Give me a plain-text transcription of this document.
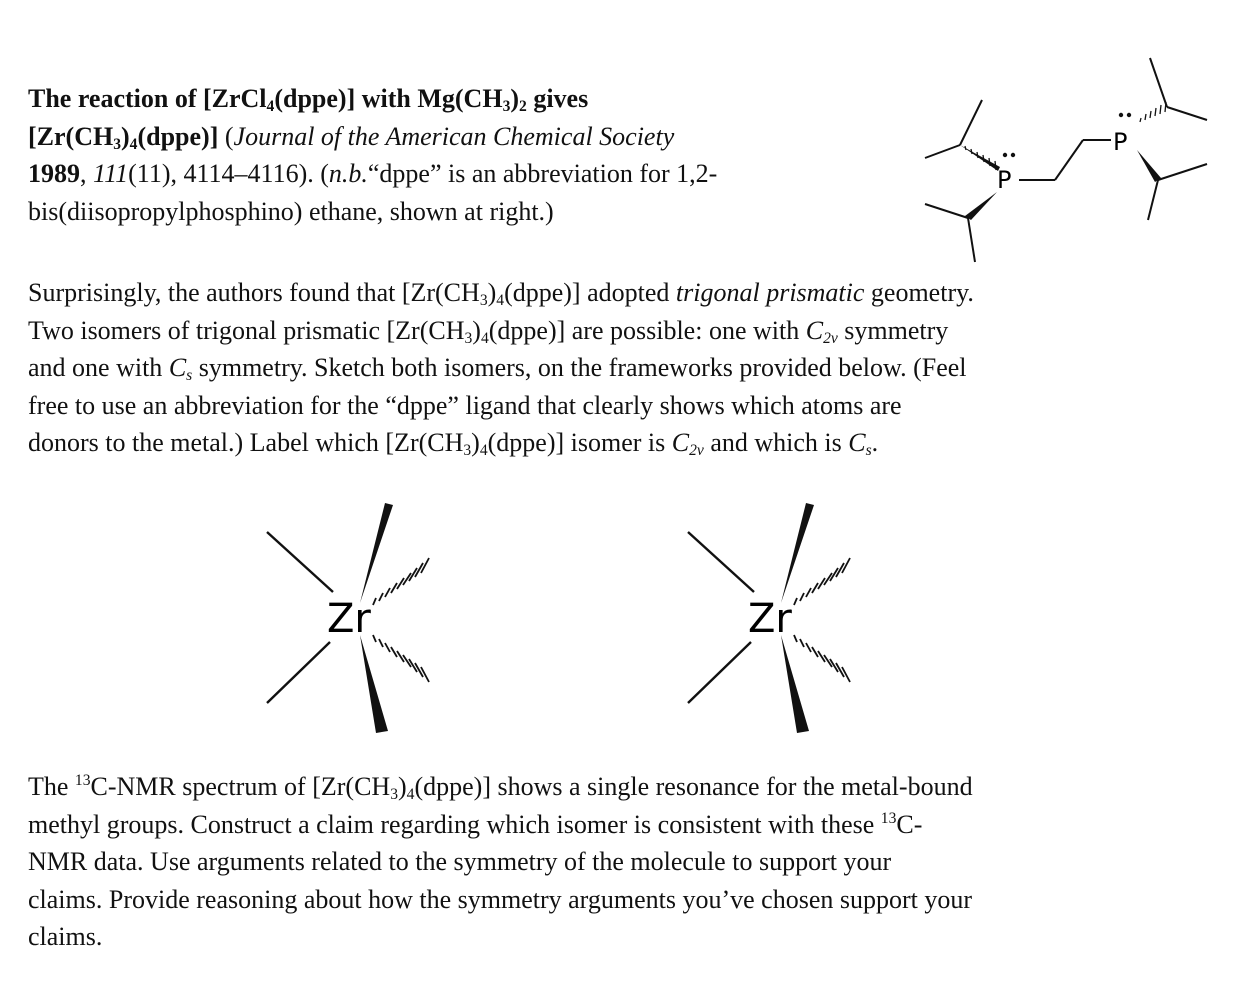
The reaction of [ZrCl$_4$(dppe)] with $Mg(CH_3)_2$ gives
$[Zr(CH_3)_4(dppe)]$ (Journal of the American Chemical Society
1989, 111(11), 4114–4116). (n.b.“dppe” is an abbreviation for 1,2-
bis(diisopropylphosphino) ethane, shown at right.)
P
P
Surprisingly, the authors found that $[Zr(CH_3)_4(dppe)]$ adopted trigonal prismatic geometry.
Two isomers of trigonal prismatic $[Zr(CH_3)_4(dppe)]$ are possible: one with C2v symmetry
and one with Cs symmetry. Sketch both isomers, on the frameworks provided below. (Feel
free to use an abbreviation for the “dppe” ligand that clearly shows which atoms are
donors to the metal.) Label which $[Zr(CH_3)_4(dppe)]$ isomer is C2v and which is Cs.
Zr	Zr
The $^{13}$C-NMR spectrum of $[Zr(CH_3)_4(dppe)]$ shows a single resonance for the metal-bound
methyl groups. Construct a claim regarding which isomer is consistent with these $^{13}$C-
NMR data. Use arguments related to the symmetry of the molecule to support your
claims. Provide reasoning about how the symmetry arguments you’ve chosen support your
claims.
